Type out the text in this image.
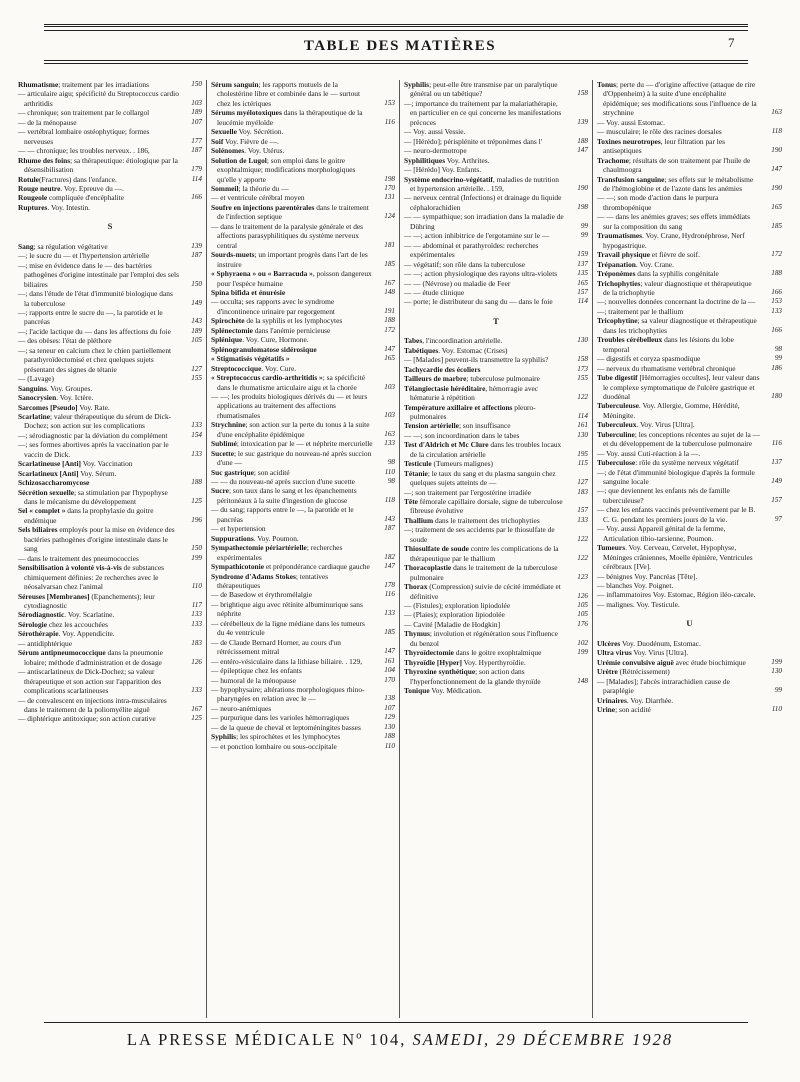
TABLE DES MATIÈRES	7
Rhumatisme; traitement par les irradiations	150
— articulaire aigu; spécificité du Streptococcus cardio arthritidis	103
— chronique; son traitement par le collargol	189
— de la ménopause	107
— vertébral lombaire ostéophytique; formes nerveuses	177
— — chronique; les troubles nerveux. . 186,	187
Rhume des foins; sa thérapeutique: étiologique par la désensibilisation	179
Rotule(Fractures) dans l'enfance.	114
Rouge neutre. Voy. Epreuve du —.
Rougeole compliquée d'encéphalite	166
Ruptures. Voy. Intestin.
S
Sang; sa régulation végétative	139
—; le sucre du — et l'hypertension artérielle	187
—; mise en évidence dans le — des bactéries pathogènes d'origine intestinale par l'emploi des sels biliaires	150
—; dans l'étude de l'état d'immunité biologique dans la tuberculose	149
—; rapports entre le sucre du —, la parotide et le pancréas	143
—; l'acide lactique du — dans les affections du foie	189
— des obèses: l'état de pléthore	105
—; sa teneur en calcium chez le chien partiellement parathyroïdectomisé et chez quelques sujets présentant des signes de tétanie	127
— (Lavage)	155
Sanguins. Voy. Groupes.
Sanocrysien. Voy. Ictère.
Sarcomes [Pseudo] Voy. Rate.
Scarlatine; valeur thérapeutique du sérum de Dick-Dochez; son action sur les complications	133
—; sérodiagnostic par la déviation du complément	154
—; ses formes abortives après la vaccination par le vaccin de Dick.	133
Scarlatineuse [Anti] Voy. Vaccination
Scarlatineux [Anti] Voy. Sérum.
Schizosaccharomycose	188
Sécrétion sexuelle; sa stimulation par l'hypophyse dans le mécanisme du développement	125
Sel « complet » dans la prophylaxie du goitre endémique	196
Sels biliaires employés pour la mise en évidence des bactéries pathogènes d'origine intestinale dans le sang	150
— dans le traitement des pneumococcies	199
Sensibilisation à volonté vis-à-vis de substances chimiquement définies: 2e recherches avec le néosalvarsan chez l'animal	110
Séreuses [Membranes] (Epanchements); leur cytodiagnostic	117
Sérodiagnostic. Voy. Scarlatine.	133
Sérologie chez les accouchées	133
Sérothérapie. Voy. Appendicite.
— antidiphtérique	183
Sérum antipneumococcique dans la pneumonie lobaire; méthode d'administration et de dosage	126
— antiscarlatineux de Dick-Dochez; sa valeur thérapeutique et son action sur l'apparition des complications scarlatineuses	133
— de convalescent en injections intra-musculaires dans le traitement de la poliomyélite aiguë	167
— diphtérique antitoxique; son action curative	125
Sérum sanguin; les rapports mutuels de la cholestérine libre et combinée dans le — surtout chez les ictériques	153
Sérums myélotoxiques dans la thérapeutique de la leucémie myéloïde	116
Sexuelle Voy. Sécrétion.
Soif Voy. Fièvre de —.
Solénomes. Voy. Utérus.
Solution de Lugol; son emploi dans le goitre exophtalmique; modifications morphologiques qu'elle y apporte	198
Sommeil; la théorie du —	170
— et ventricule cérébral moyen	131
Soufre en injections parentérales dans le traitement de l'infection septique	124
— dans le traitement de la paralysie générale et des affections parasyphilitiques du système nerveux central	181
Sourds-muets; un important progrès dans l'art de les instruire	185
« Sphyraena » ou « Barracuda », poisson dangereux pour l'espèce humaine	167
Spina bifida et énurésie	148
— occulta; ses rapports avec le syndrome d'incontinence urinaire par regorgement	191
Spirochète de la syphilis et les lymphocytes	188
Splénectomie dans l'anémie pernicieuse	172
Splénique. Voy. Cure, Hormone.
Splénogranulomatose sidérosique	147
« Stigmatisés végétatifs »	165
Streptococcique. Voy. Cure.
« Streptococcus cardio-arthritidis »; sa spécificité dans le rhumatisme articulaire aigu et la chorée	103
— —; les produits biologiques dérivés du — et leurs applications au traitement des affections rhumatismales	103
Strychnine; son action sur la perte du tonus à la suite d'une encéphalite épidémique	163
Sublimé; intoxication par le — et néphrite mercurielle	133
Sucette; le suc gastrique du nouveau-né après succion d'une —	98
Suc gastrique; son acidité	110
— — du nouveau-né après succion d'une sucette	98
Sucre; son taux dans le sang et les épanchements péritonéaux à la suite d'ingestion de glucose	118
— du sang; rapports entre le —, la parotide et le pancréas	143
— et hypertension	187
Suppurations. Voy. Poumon.
Sympathectomie périartérielle; recherches expérimentales	182
Sympathicotonie et prépondérance cardiaque gauche	147
Syndrome d'Adams Stokes; tentatives thérapeutiques	178
— de Basedow et érythromélalgie	116
— brightique aigu avec rétinite albuminurique sans néphrite	133
— cérébelleux de la ligne médiane dans les tumeurs du 4e ventricule	185
— de Claude Bernard Horner, au cours d'un rétrécissement mitral	147
— entéro-vésiculaire dans la lithiase biliaire. . 129,	161
— épileptique chez les enfants	104
— humoral de la ménopause	170
— hypophysaire; altérations morphologiques rhino-pharyngées en relation avec le —	138
— neuro-anémiques	107
— purpurique dans les varioles hémorragiques	129
— de la queue de cheval et leptoméningites basses	130
Syphilis; les spirochètes et les lymphocytes	188
— et ponction lombaire ou sous-occipitale	110
Syphilis; peut-elle être transmise par un paralytique général ou un tabétique?	158
—; importance du traitement par la malariathérapie, en particulier en ce qui concerne les manifestations précoces	139
— Voy. aussi Vessie.
— [Hérédo]; périsplénite et tréponèmes dans l'	188
— neuro-dermotrope	147
Syphilitiques Voy. Arthrites.
— [Hérédo] Voy. Enfants.
Système endocrino-végétatif, maladies de nutrition et hypertension artérielle. . 159,	190
— nerveux central (Infections) et drainage du liquide céphalorachidien	198
— — sympathique; son irradiation dans la maladie de Dühring	99
— —; action inhibitrice de l'ergotamine sur le —	99
— — abdominal et parathyroïdes: recherches expérimentales	159
— végétatif; son rôle dans la tuberculose	137
— —; action physiologique des rayons ultra-violets	135
— — (Névrose) ou maladie de Feer	165
— — étude clinique	157
— porte; le distributeur du sang du — dans le foie	114
T
Tabes, l'incoordination artérielle.	130
Tabétiques. Voy. Estomac (Crises)
— [Malades] peuvent-ils transmettre la syphilis?	158
Tachycardie des écoliers	173
Tailleurs de marbre; tuberculose pulmonaire	155
Télangiectasie héréditaire, hémorragie avec hématurie à répétition	122
Température axillaire et affections pleuro-pulmonaires	114
Tension artérielle; son insuffisance	161
— —; son incoordination dans le tabes	130
Test d'Aldrich et Mc Clure dans les troubles locaux de la circulation artérielle	195
Testicule (Tumeurs malignes)	115
Tétanie; le taux du sang et du plasma sanguin chez quelques sujets atteints de —	127
—; son traitement par l'ergostérine irradiée	183
Tête fémorale capillaire dorsale, signe de tuberculose fibreuse évolutive	157
Thallium dans le traitement des trichophyties	133
—; traitement de ses accidents par le thiosulfate de soude	122
Thiosulfate de soude contre les complications de la thérapeutique par le thallium	122
Thoracoplastie dans le traitement de la tuberculose pulmonaire	123
Thorax (Compression) suivie de cécité immédiate et définitive	126
— (Fistules); exploration lipiodolée	105
— (Plaies); exploration lipiodolée	105
— Cavité [Maladie de Hodgkin]	176
Thymus; involution et régénération sous l'influence du benzol	102
Thyroïdectomie dans le goitre exophtalmique	199
Thyroïdie [Hyper] Voy. Hyperthyroïdie.
Thyroxine synthétique; son action dans l'hyperfonctionnement de la glande thyroïde	148
Tonique Voy. Médication.
Tonus; perte du — d'origine affective (attaque de rire d'Oppenheim) à la suite d'une encéphalite épidémique; ses modifications sous l'influence de la strychnine	163
— Voy. aussi Estomac.
— musculaire; le rôle des racines dorsales	118
Toxines neurotropes, leur filtration par les antiseptiques	190
Trachome; résultats de son traitement par l'huile de chaulmoogra	147
Transfusion sanguine; ses effets sur le métabolisme de l'hémoglobine et de l'azote dans les anémies	190
— —; son mode d'action dans le purpura thrombopénique	165
— — dans les anémies graves; ses effets immédiats sur la composition du sang	185
Traumatismes. Voy. Crane, Hydronéphrose, Nerf hypogastrique.
Travail physique et fièvre de soif.	172
Trépanation. Voy. Crane.
Tréponèmes dans la syphilis congénitale	188
Trichophyties; valeur diagnostique et thérapeutique de la trichophytie	166
—; nouvelles données concernant la doctrine de la —	153
—; traitement par le thallium	133
Tricophytine; sa valeur diagnostique et thérapeutique dans les trichophyties	166
Troubles cérébelleux dans les lésions du lobe temporal	98
— digestifs et coryza spasmodique	99
— nerveux du rhumatisme vertébral chronique	186
Tube digestif [Hémorragies occultes], leur valeur dans le complexe symptomatique de l'ulcère gastrique et duodénal	180
Tuberculeuse. Voy. Allergie, Gomme, Hérédité, Méningite.
Tuberculeux. Voy. Virus [Ultra].
Tuberculine; les conceptions récentes au sujet de la — et du développement de la tuberculose pulmonaire	116
— Voy. aussi Cuti-réaction à la —.
Tuberculose: rôle du système nerveux végétatif	137
—; de l'état d'immunité biologique d'après la formule sanguine locale	149
—; que deviennent les enfants nés de famille tuberculeuse?	157
— chez les enfants vaccinés préventivement par le B. C. G. pendant les premiers jours de la vie.	97
— Voy. aussi Appareil génital de la femme, Articulation tibio-tarsienne, Poumon.
Tumeurs. Voy. Cerveau, Cervelet, Hypophyse, Méninges crâniennes, Moelle épinière, Ventricules cérébraux [IVe].
— bénignes Voy. Pancréas [Tête].
— blanches Voy. Poignet.
— inflammatoires Voy. Estomac, Région iléo-cæcale.
— malignes. Voy. Testicule.
U
Ulcères Voy. Duodénum, Estomac.
Ultra virus Voy. Virus [Ultra].
Urémie convulsive aiguë avec étude biochimique	199
Urètre (Rétrécissement)	130
— [Malades]; l'abcès intrarachidien cause de paraplégie	99
Urinaires. Voy. Diarrhée.
Urine; son acidité	110
LA PRESSE MÉDICALE Nº 104, SAMEDI, 29 DÉCEMBRE 1928
